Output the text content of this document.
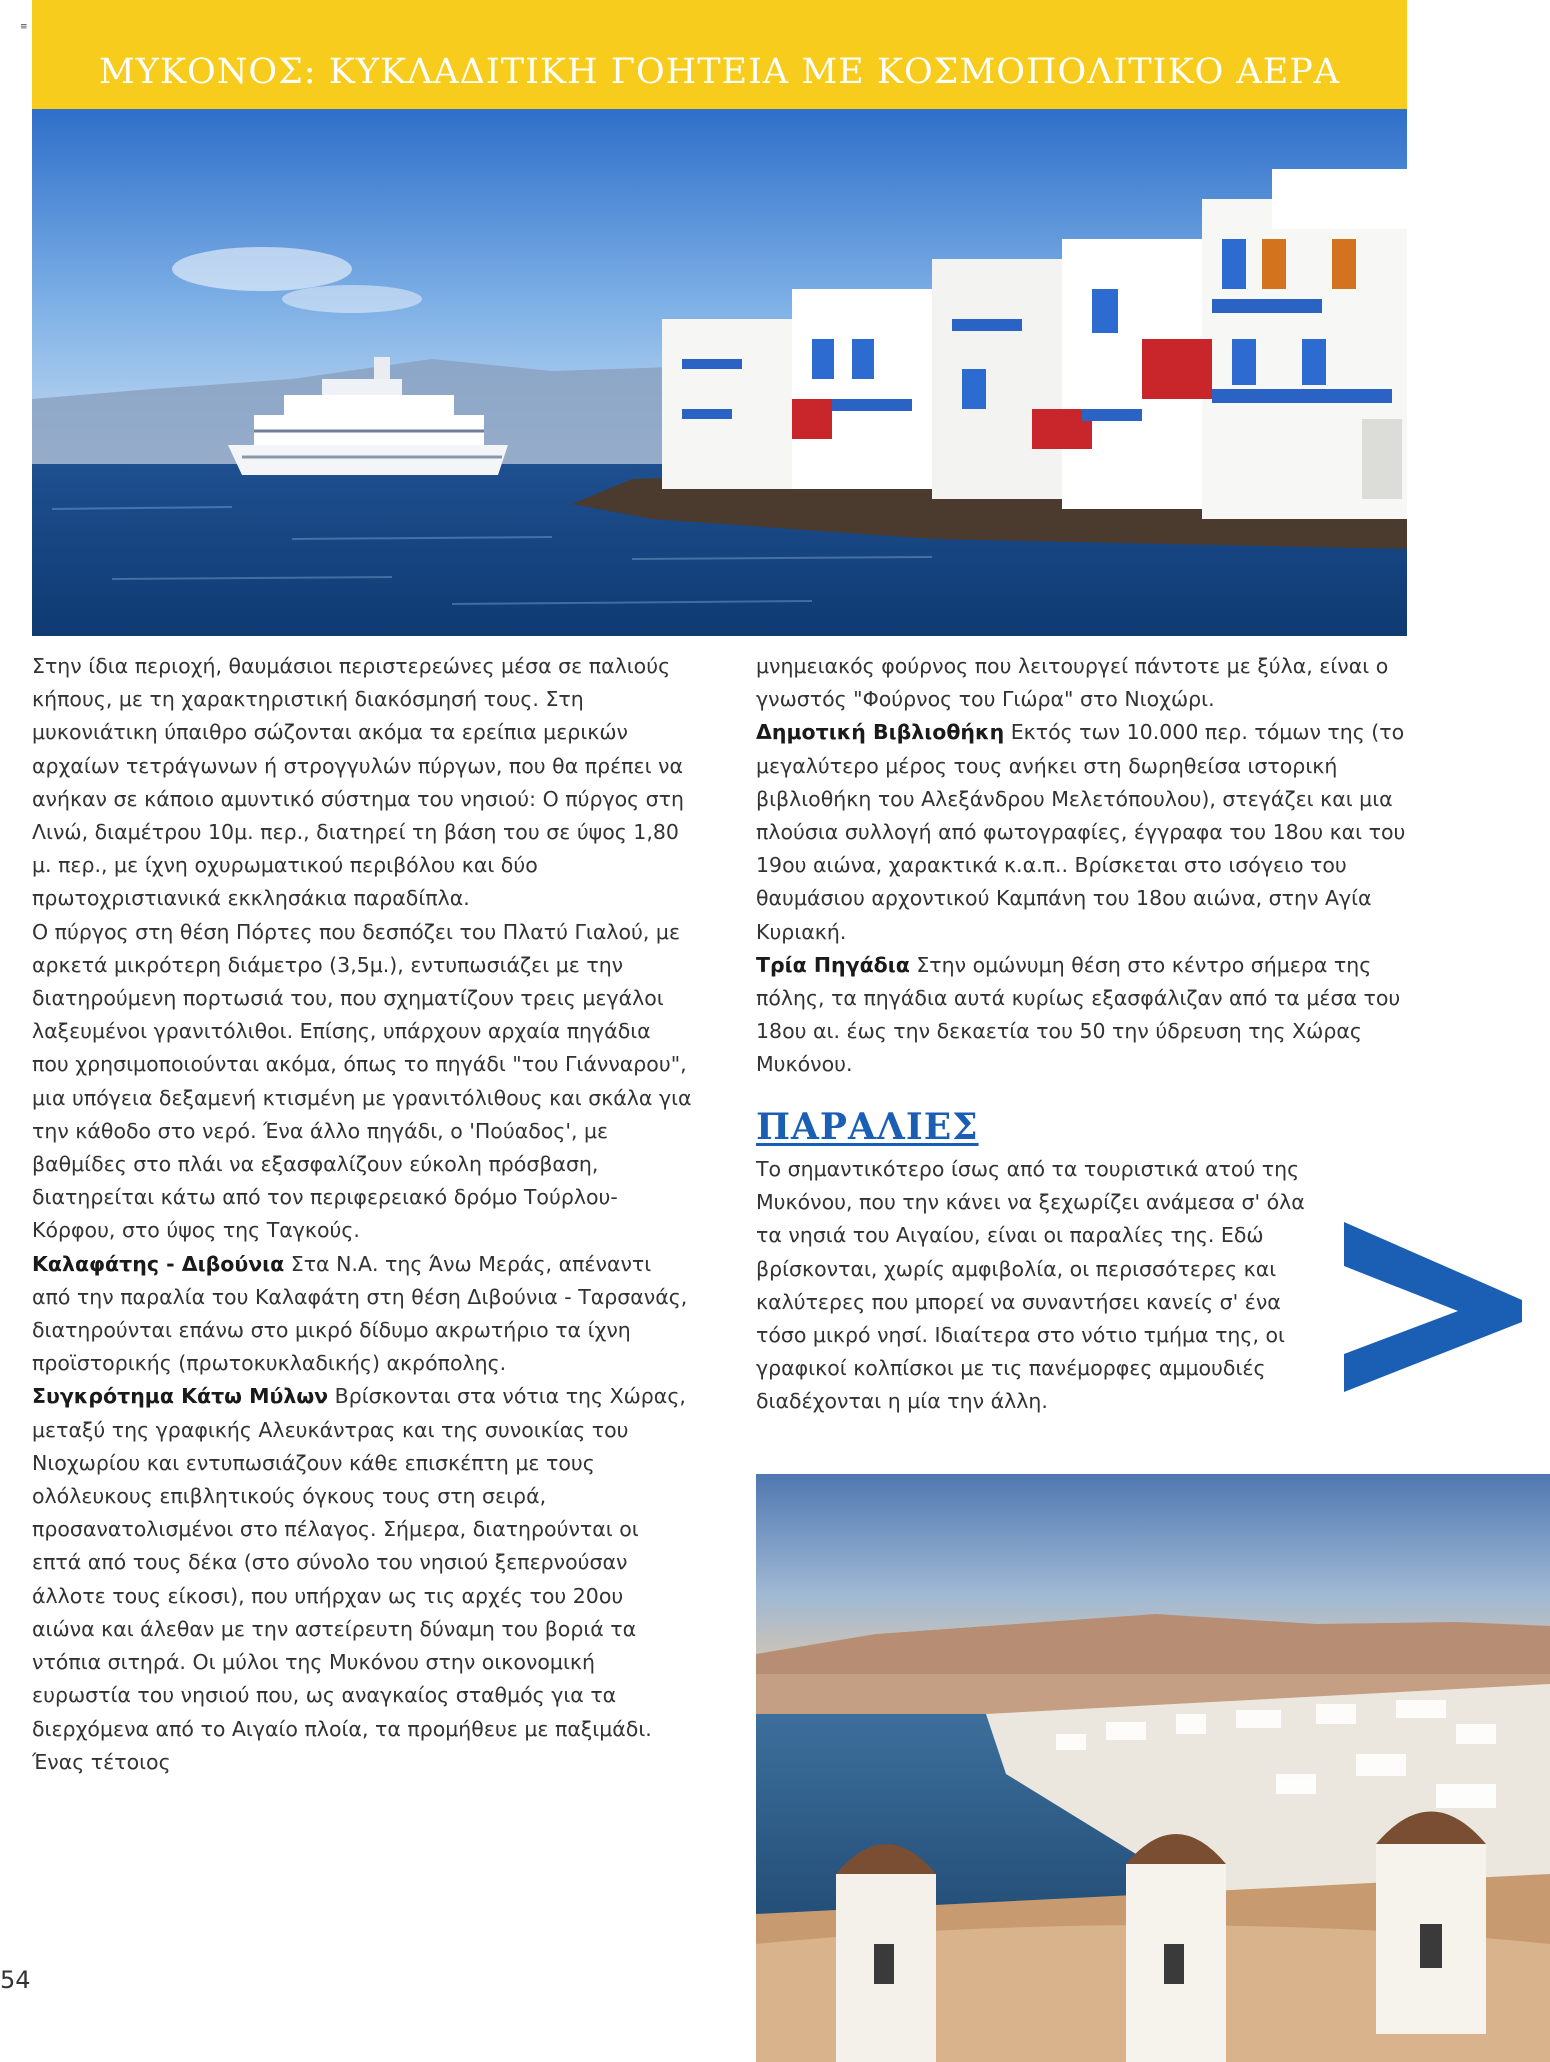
≡
ΜΥΚΟΝΟΣ: ΚΥΚΛΑΔΙΤΙΚΗ ΓΟΗΤΕΙΑ ΜΕ ΚΟΣΜΟΠΟΛΙΤΙΚΟ ΑΕΡΑ

Στην ίδια περιοχή, θαυμάσιοι περιστερεώνες μέσα σε παλιούς κήπους, με τη χαρακτηριστική διακόσμησή τους. Στη μυκονιάτικη ύπαιθρο σώζονται ακόμα τα ερείπια μερικών αρχαίων τετράγωνων ή στρογγυλών πύργων, που θα πρέπει να ανήκαν σε κάποιο αμυντικό σύστημα του νησιού: Ο πύργος στη Λινώ, διαμέτρου 10μ. περ., διατηρεί τη βάση του σε ύψος 1,80 μ. περ., με ίχνη οχυρωματικού περιβόλου και δύο πρωτοχριστιανικά εκκλησάκια παραδίπλα.

Ο πύργος στη θέση Πόρτες που δεσπόζει του Πλατύ Γιαλού, με αρκετά μικρότερη διάμετρο (3,5μ.), εντυπωσιάζει με την διατηρούμενη πορτωσιά του, που σχηματίζουν τρεις μεγάλοι λαξευμένοι γρανιτόλιθοι. Επίσης, υπάρχουν αρχαία πηγάδια που χρησιμοποιούνται ακόμα, όπως το πηγάδι "του Γιάνναρου", μια υπόγεια δεξαμενή κτισμένη με γρανιτόλιθους και σκάλα για την κάθοδο στο νερό. Ένα άλλο πηγάδι, ο 'Πούαδος', με βαθμίδες στο πλάι να εξασφαλίζουν εύκολη πρόσβαση, διατηρείται κάτω από τον περιφερειακό δρόμο Τούρλου-Κόρφου, στο ύψος της Ταγκούς.

Καλαφάτης - Διβούνια Στα Ν.Α. της Άνω Μεράς, απέναντι από την παραλία του Καλαφάτη στη θέση Διβούνια - Ταρσανάς, διατηρούνται επάνω στο μικρό δίδυμο ακρωτήριο τα ίχνη προϊστορικής (πρωτοκυκλαδικής) ακρόπολης.

Συγκρότημα Κάτω Μύλων Βρίσκονται στα νότια της Χώρας, μεταξύ της γραφικής Αλευκάντρας και της συνοικίας του Νιοχωρίου και εντυπωσιάζουν κάθε επισκέπτη με τους ολόλευκους επιβλητικούς όγκους τους στη σειρά, προσανατολισμένοι στο πέλαγος. Σήμερα, διατηρούνται οι επτά από τους δέκα (στο σύνολο του νησιού ξεπερνούσαν άλλοτε τους είκοσι), που υπήρχαν ως τις αρχές του 20ου αιώνα και άλεθαν με την αστείρευτη δύναμη του βοριά τα ντόπια σιτηρά. Οι μύλοι της Μυκόνου στην οικονομική ευρωστία του νησιού που, ως αναγκαίος σταθμός για τα διερχόμενα από το Αιγαίο πλοία, τα προμήθευε με παξιμάδι. Ένας τέτοιος

μνημειακός φούρνος που λειτουργεί πάντοτε με ξύλα, είναι ο γνωστός "Φούρνος του Γιώρα" στο Νιοχώρι.

Δημοτική Βιβλιοθήκη Εκτός των 10.000 περ. τόμων της (το μεγαλύτερο μέρος τους ανήκει στη δωρηθείσα ιστορική βιβλιοθήκη του Αλεξάνδρου Μελετόπουλου), στεγάζει και μια πλούσια συλλογή από φωτογραφίες, έγγραφα του 18ου και του 19ου αιώνα, χαρακτικά κ.α.π.. Βρίσκεται στο ισόγειο του θαυμάσιου αρχοντικού Καμπάνη του 18ου αιώνα, στην Αγία Κυριακή.

Τρία Πηγάδια Στην ομώνυμη θέση στο κέντρο σήμερα της πόλης, τα πηγάδια αυτά κυρίως εξασφάλιζαν από τα μέσα του 18ου αι. έως την δεκαετία του 50 την ύδρευση της Χώρας Μυκόνου.

ΠΑΡΑΛΙΕΣ

Το σημαντικότερο ίσως από τα τουριστικά ατού της Μυκόνου, που την κάνει να ξεχωρίζει ανάμεσα σ' όλα τα νησιά του Αιγαίου, είναι οι παραλίες της. Εδώ βρίσκονται, χωρίς αμφιβολία, οι περισσότερες και καλύτερες που μπορεί να συναντήσει κανείς σ' ένα τόσο μικρό νησί. Ιδιαίτερα στο νότιο τμήμα της, οι γραφικοί κολπίσκοι με τις πανέμορφες αμμουδιές διαδέχονται η μία την άλλη.

54
